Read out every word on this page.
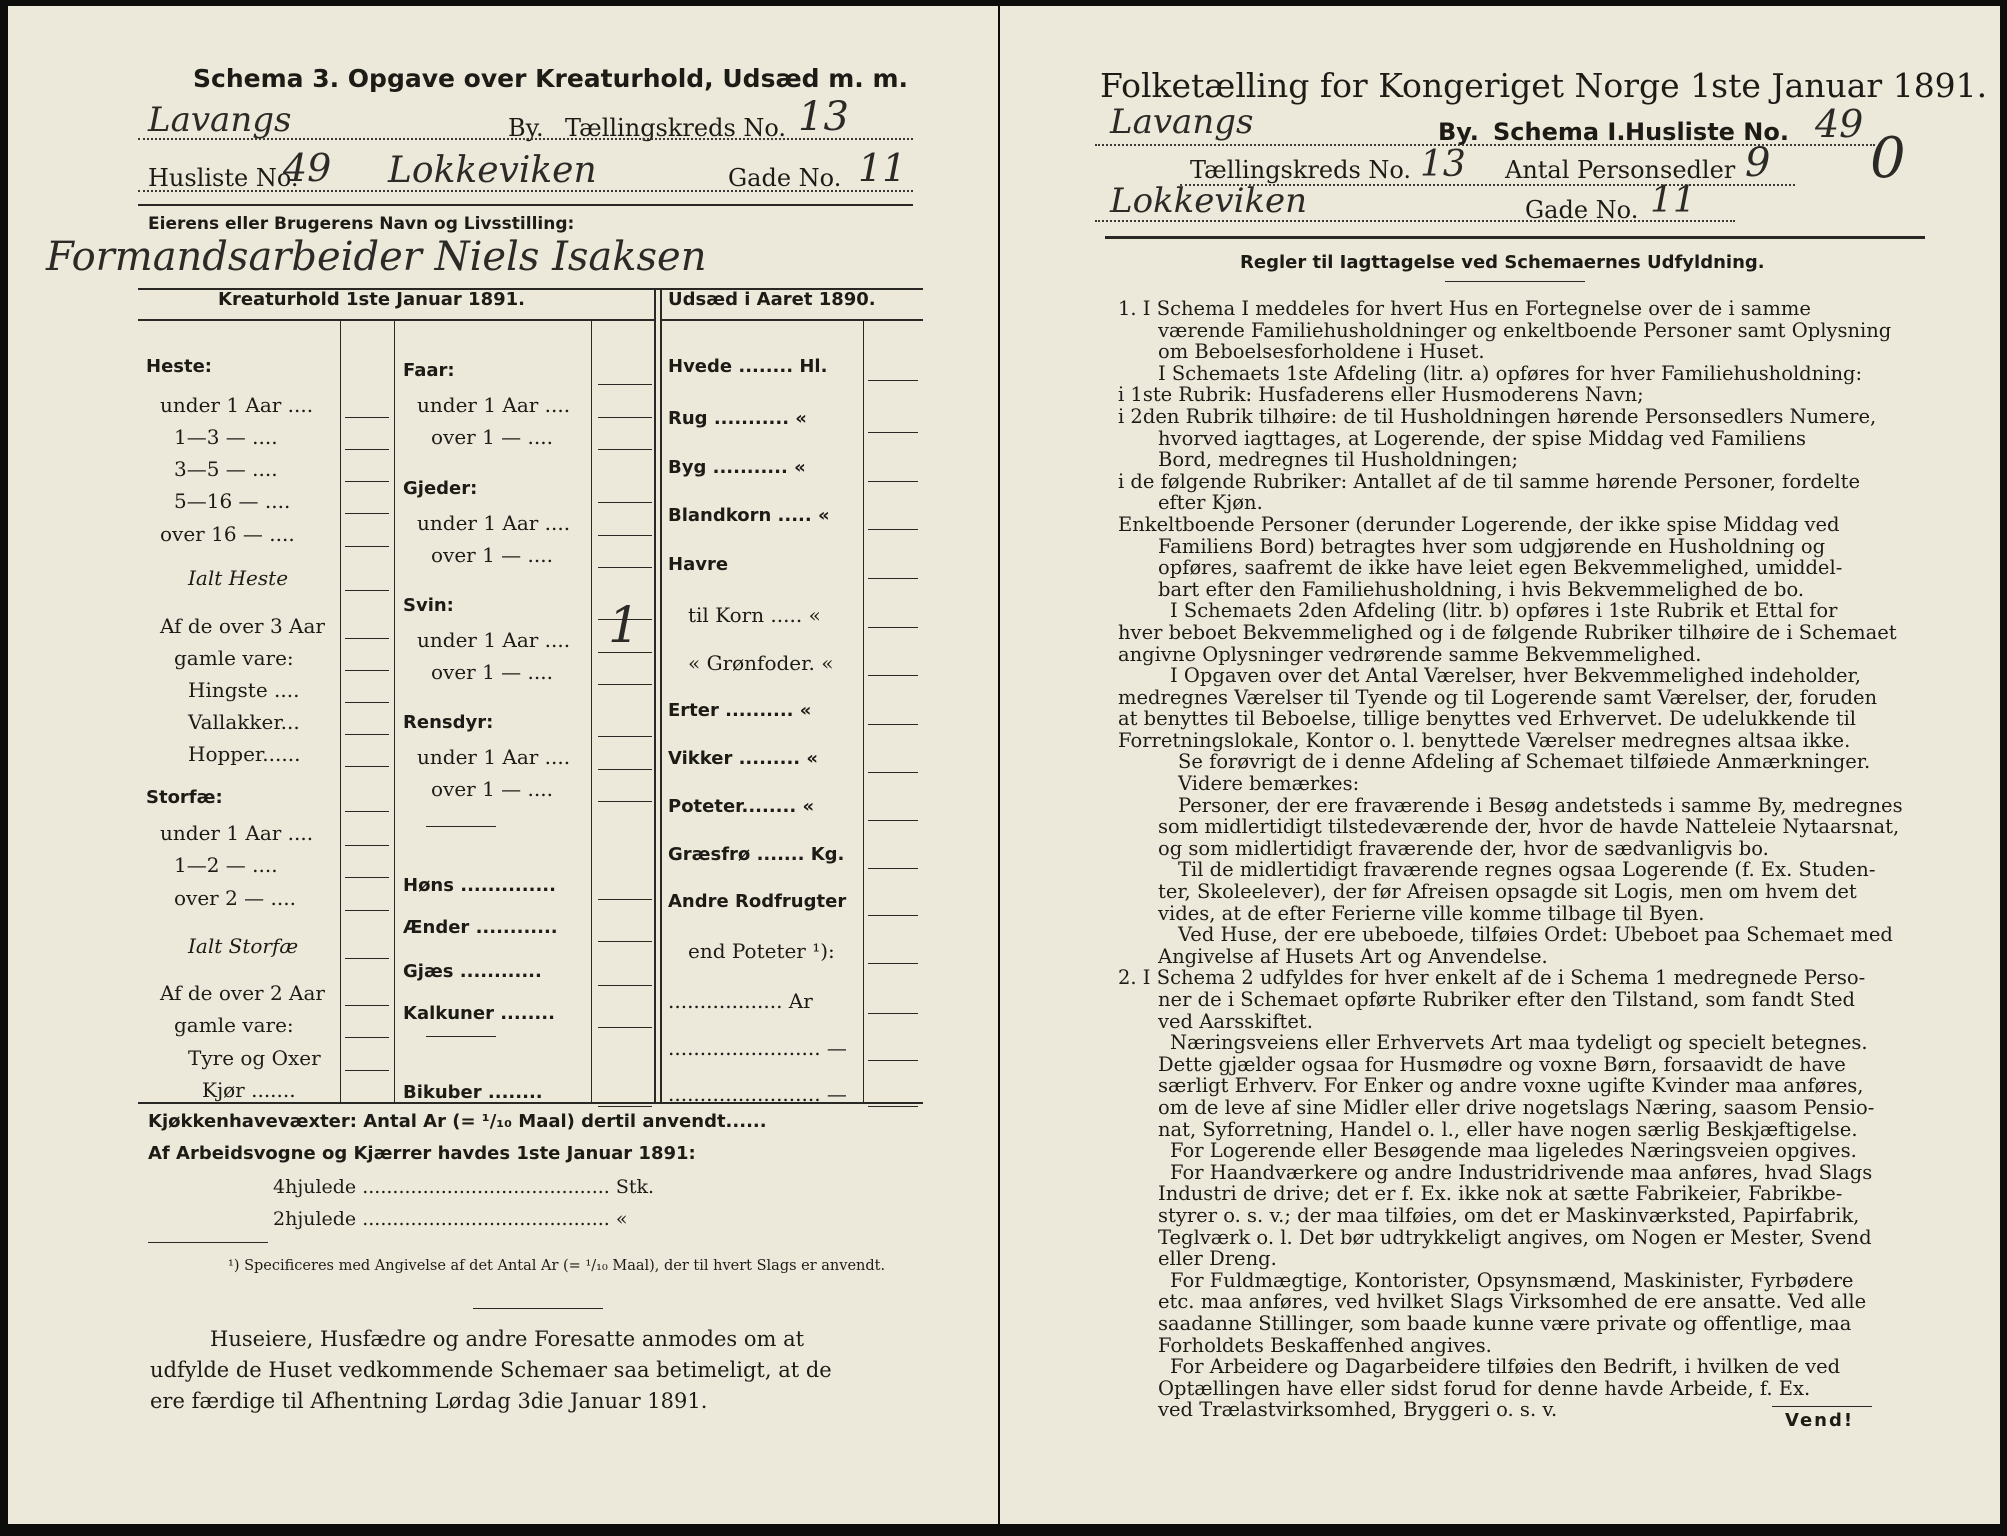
Schema 3. Opgave over Kreaturhold, Udsæd m. m.
Lavangs	By. Tællingskreds No. 13
Husliste No.
49 Lokkeviken	Gade No. 11
Eierens eller Brugerens Navn og Livsstilling:
Formandsarbeider Niels Isaksen
Kreaturhold 1ste Januar 1891.	Udsæd i Aaret 1890.
Heste:
under 1 Aar ....
1—3 — ....
3—5 — ....
5—16 — ....
over 16 — ....
Ialt Heste
Af de over 3 Aar
gamle vare:
Hingste ....
Vallakker...
Hopper......
Storfæ:
under 1 Aar ....
1—2 — ....
over 2 — ....
Ialt Storfæ
Af de over 2 Aar
gamle vare:
Tyre og Oxer
Kjør .......
Faar:
under 1 Aar ....
over 1 — ....
Gjeder:
under 1 Aar ....
over 1 — ....
Svin:
under 1 Aar ....
over 1 — ....
Rensdyr:
under 1 Aar ....
over 1 — ....
Høns ..............
Ænder ............
Gjæs ............
Kalkuner ........
Bikuber ........
Hvede ........ Hl.
Rug ........... «
Byg ........... «
Blandkorn ..... «
Havre
til Korn ..... «
« Grønfoder. «
Erter .......... «
Vikker ......... «
Poteter........ «
Græsfrø ....... Kg.
Andre Rodfrugter
end Poteter ¹):
.................. Ar
........................ —
........................ —
1
Kjøkkenhavevæxter: Antal Ar (= ¹/₁₀ Maal) dertil anvendt......
Af Arbeidsvogne og Kjærrer havdes 1ste Januar 1891:
4hjulede ......................................... Stk.
2hjulede ......................................... «
¹) Specificeres med Angivelse af det Antal Ar (= ¹/₁₀ Maal), der til hvert Slags er anvendt.
Huseiere, Husfædre og andre Foresatte anmodes om at
udfylde de Huset vedkommende Schemaer saa betimeligt, at de
ere færdige til Afhentning Lørdag 3die Januar 1891.
Folketælling for Kongeriget Norge 1ste Januar 1891.
Lavangs	By. Schema I. Husliste No. 49
Tællingskreds No. 13 Antal Personsedler 9 0
Lokkeviken	Gade No. 11
Regler til Iagttagelse ved Schemaernes Udfyldning.

1. I Schema I meddeles for hvert Hus en Fortegnelse over de i samme

værende Familiehusholdninger og enkeltboende Personer samt Oplysning

om Beboelsesforholdene i Huset.

I Schemaets 1ste Afdeling (litr. a) opføres for hver Familiehusholdning:

i 1ste Rubrik: Husfaderens eller Husmoderens Navn;

i 2den Rubrik tilhøire: de til Husholdningen hørende Personsedlers Numere,

hvorved iagttages, at Logerende, der spise Middag ved Familiens

Bord, medregnes til Husholdningen;

i de følgende Rubriker: Antallet af de til samme hørende Personer, fordelte

efter Kjøn.

Enkeltboende Personer (derunder Logerende, der ikke spise Middag ved

Familiens Bord) betragtes hver som udgjørende en Husholdning og

opføres, saafremt de ikke have leiet egen Bekvemmelighed, umiddel-

bart efter den Familiehusholdning, i hvis Bekvemmelighed de bo.

I Schemaets 2den Afdeling (litr. b) opføres i 1ste Rubrik et Ettal for

hver beboet Bekvemmelighed og i de følgende Rubriker tilhøire de i Schemaet

angivne Oplysninger vedrørende samme Bekvemmelighed.

I Opgaven over det Antal Værelser, hver Bekvemmelighed indeholder,

medregnes Værelser til Tyende og til Logerende samt Værelser, der, foruden

at benyttes til Beboelse, tillige benyttes ved Erhvervet. De udelukkende til

Forretningslokale, Kontor o. l. benyttede Værelser medregnes altsaa ikke.

Se forøvrigt de i denne Afdeling af Schemaet tilføiede Anmærkninger.

Videre bemærkes:

Personer, der ere fraværende i Besøg andetsteds i samme By, medregnes

som midlertidigt tilstedeværende der, hvor de havde Natteleie Nytaarsnat,

og som midlertidigt fraværende der, hvor de sædvanligvis bo.

Til de midlertidigt fraværende regnes ogsaa Logerende (f. Ex. Studen-

ter, Skoleelever), der før Afreisen opsagde sit Logis, men om hvem det

vides, at de efter Ferierne ville komme tilbage til Byen.

Ved Huse, der ere ubeboede, tilføies Ordet: Ubeboet paa Schemaet med

Angivelse af Husets Art og Anvendelse.

2. I Schema 2 udfyldes for hver enkelt af de i Schema 1 medregnede Perso-

ner de i Schemaet opførte Rubriker efter den Tilstand, som fandt Sted

ved Aarsskiftet.

Næringsveiens eller Erhvervets Art maa tydeligt og specielt betegnes.

Dette gjælder ogsaa for Husmødre og voxne Børn, forsaavidt de have

særligt Erhverv. For Enker og andre voxne ugifte Kvinder maa anføres,

om de leve af sine Midler eller drive nogetslags Næring, saasom Pensio-

nat, Syforretning, Handel o. l., eller have nogen særlig Beskjæftigelse.

For Logerende eller Besøgende maa ligeledes Næringsveien opgives.

For Haandværkere og andre Industridrivende maa anføres, hvad Slags

Industri de drive; det er f. Ex. ikke nok at sætte Fabrikeier, Fabrikbe-

styrer o. s. v.; der maa tilføies, om det er Maskinværksted, Papirfabrik,

Teglværk o. l. Det bør udtrykkeligt angives, om Nogen er Mester, Svend

eller Dreng.

For Fuldmægtige, Kontorister, Opsynsmænd, Maskinister, Fyrbødere

etc. maa anføres, ved hvilket Slags Virksomhed de ere ansatte. Ved alle

saadanne Stillinger, som baade kunne være private og offentlige, maa

Forholdets Beskaffenhed angives.

For Arbeidere og Dagarbeidere tilføies den Bedrift, i hvilken de ved

Optællingen have eller sidst forud for denne havde Arbeide, f. Ex.

ved Trælastvirksomhed, Bryggeri o. s. v.	Vend!
